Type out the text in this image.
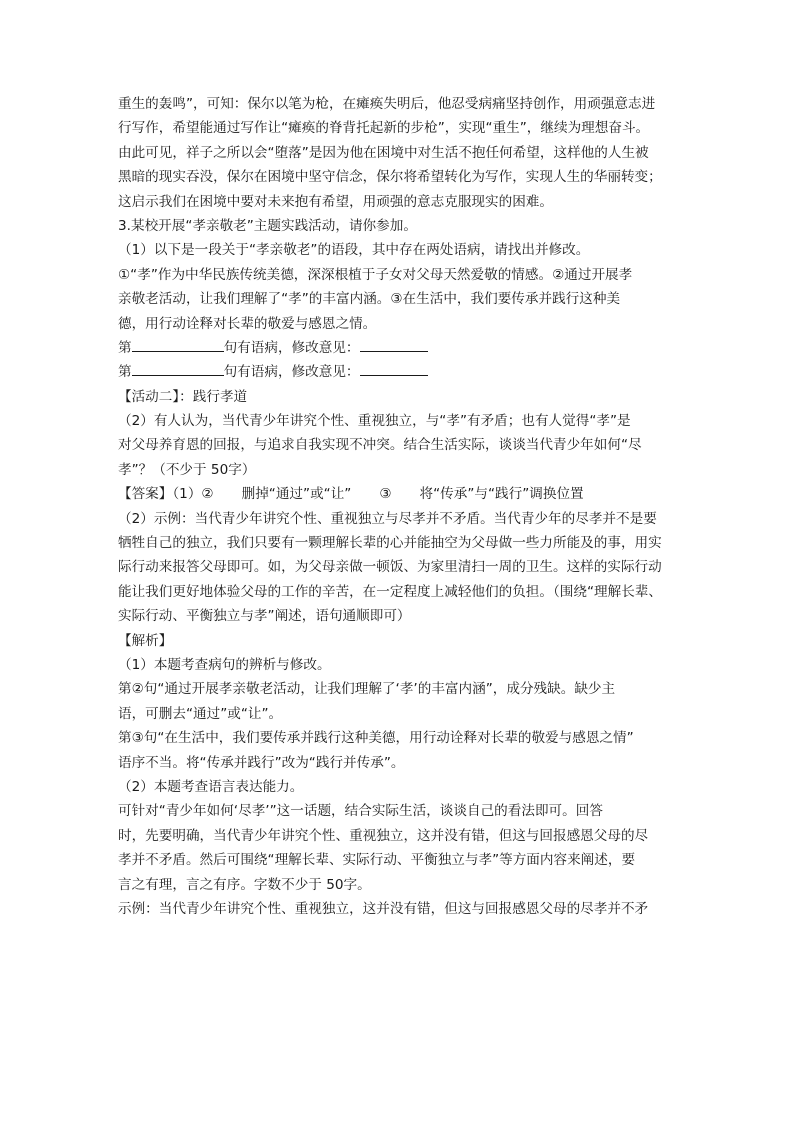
重生的轰鸣”，可知：保尔以笔为枪，在瘫痪失明后，他忍受病痛坚持创作，用顽强意志进
行写作，希望能通过写作让“瘫痪的脊背托起新的步枪”，实现“重生”，继续为理想奋斗。
由此可见，祥子之所以会“堕落”是因为他在困境中对生活不抱任何希望，这样他的人生被
黑暗的现实吞没，保尔在困境中坚守信念，保尔将希望转化为写作，实现人生的华丽转变；
这启示我们在困境中要对未来抱有希望，用顽强的意志克服现实的困难。
3.某校开展“孝亲敬老”主题实践活动，请你参加。
（1）以下是一段关于“孝亲敬老”的语段，其中存在两处语病，请找出并修改。
①“孝”作为中华民族传统美德，深深根植于子女对父母天然爱敬的情感。②通过开展孝
亲敬老活动，让我们理解了“孝”的丰富内涵。③在生活中，我们要传承并践行这种美
德，用行动诠释对长辈的敬爱与感恩之情。
第	句有语病，修改意见：
第	句有语病，修改意见：
【活动二】：践行孝道
（2）有人认为，当代青少年讲究个性、重视独立，与“孝”有矛盾；也有人觉得“孝”是
对父母养育恩的回报，与追求自我实现不冲突。结合生活实际，谈谈当代青少年如何“尽
孝”？（不少于 50字）
【答案】（1）② 删掉“通过”或“让” ③ 将“传承”与“践行”调换位置
（2）示例：当代青少年讲究个性、重视独立与尽孝并不矛盾。当代青少年的尽孝并不是要
牺牲自己的独立，我们只要有一颗理解长辈的心并能抽空为父母做一些力所能及的事，用实
际行动来报答父母即可。如，为父母亲做一顿饭、为家里清扫一周的卫生。这样的实际行动
能让我们更好地体验父母的工作的辛苦，在一定程度上减轻他们的负担。（围绕“理解长辈、
实际行动、平衡独立与孝”阐述，语句通顺即可）
【解析】
（1）本题考查病句的辨析与修改。
第②句“通过开展孝亲敬老活动，让我们理解了‘孝’的丰富内涵”，成分残缺。缺少主
语，可删去“通过”或“让”。
第③句“在生活中，我们要传承并践行这种美德，用行动诠释对长辈的敬爱与感恩之情”
语序不当。将“传承并践行”改为“践行并传承”。
（2）本题考查语言表达能力。
可针对“青少年如何‘尽孝’”这一话题，结合实际生活，谈谈自己的看法即可。回答
时，先要明确，当代青少年讲究个性、重视独立，这并没有错，但这与回报感恩父母的尽
孝并不矛盾。然后可围绕“理解长辈、实际行动、平衡独立与孝”等方面内容来阐述，要
言之有理，言之有序。字数不少于 50字。
示例：当代青少年讲究个性、重视独立，这并没有错，但这与回报感恩父母的尽孝并不矛
